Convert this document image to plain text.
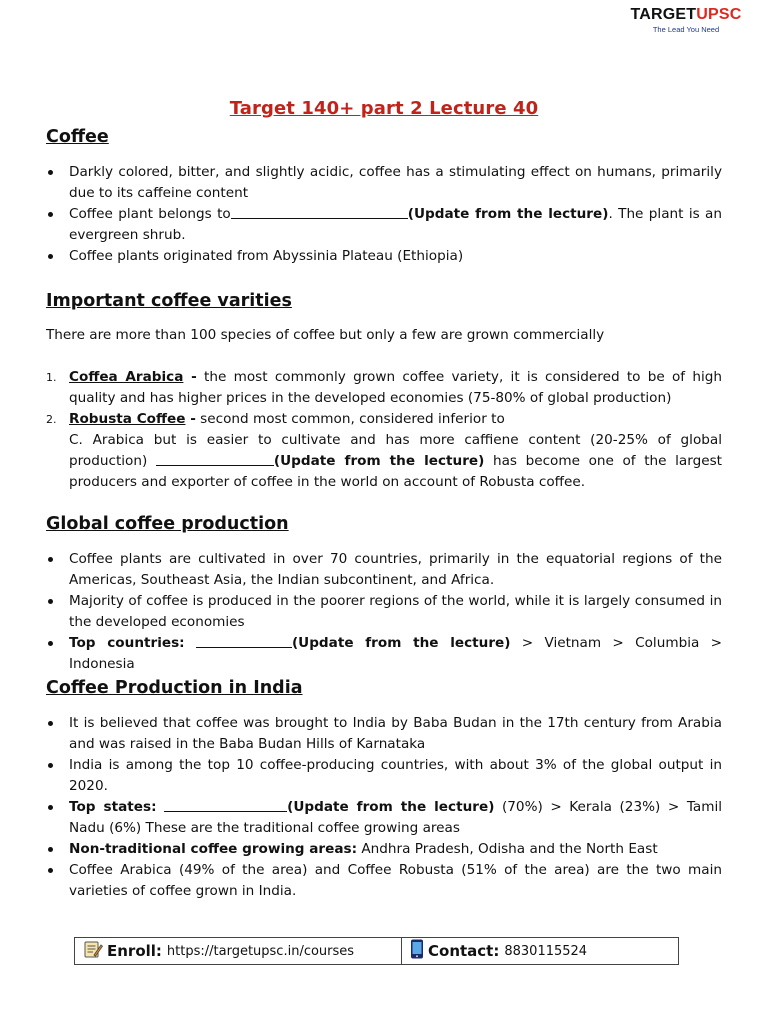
TARGETUPSC
The Lead You Need
Target 140+ part 2 Lecture 40
Coffee
Darkly colored, bitter, and slightly acidic, coffee has a stimulating effect on humans, primarily due to its caffeine content
Coffee plant belongs to	(Update from the lecture). The plant is an evergreen shrub.
Coffee plants originated from Abyssinia Plateau (Ethiopia)
Important coffee varities
There are more than 100 species of coffee but only a few are grown commercially
1. Coffea Arabica - the most commonly grown coffee variety, it is considered to be of high quality and has higher prices in the developed economies (75-80% of global production)
2. Robusta Coffee - second most common, considered inferior to
C. Arabica but is easier to cultivate and has more caffiene content (20-25% of global production)	(Update from the lecture) has become one of the largest producers and exporter of coffee in the world on account of Robusta coffee.
Global coffee production
Coffee plants are cultivated in over 70 countries, primarily in the equatorial regions of the Americas, Southeast Asia, the Indian subcontinent, and Africa.
Majority of coffee is produced in the poorer regions of the world, while it is largely consumed in the developed economies
Top countries:	(Update from the lecture) > Vietnam > Columbia > Indonesia
Coffee Production in India
It is believed that coffee was brought to India by Baba Budan in the 17th century from Arabia and was raised in the Baba Budan Hills of Karnataka
India is among the top 10 coffee-producing countries, with about 3% of the global output in 2020.
Top states:	(Update from the lecture) (70%) > Kerala (23%) > Tamil Nadu (6%) These are the traditional coffee growing areas
Non-traditional coffee growing areas: Andhra Pradesh, Odisha and the North East
Coffee Arabica (49% of the area) and Coffee Robusta (51% of the area) are the two main varieties of coffee grown in India.
Enroll: https://targetupsc.in/courses	Contact: 8830115524
